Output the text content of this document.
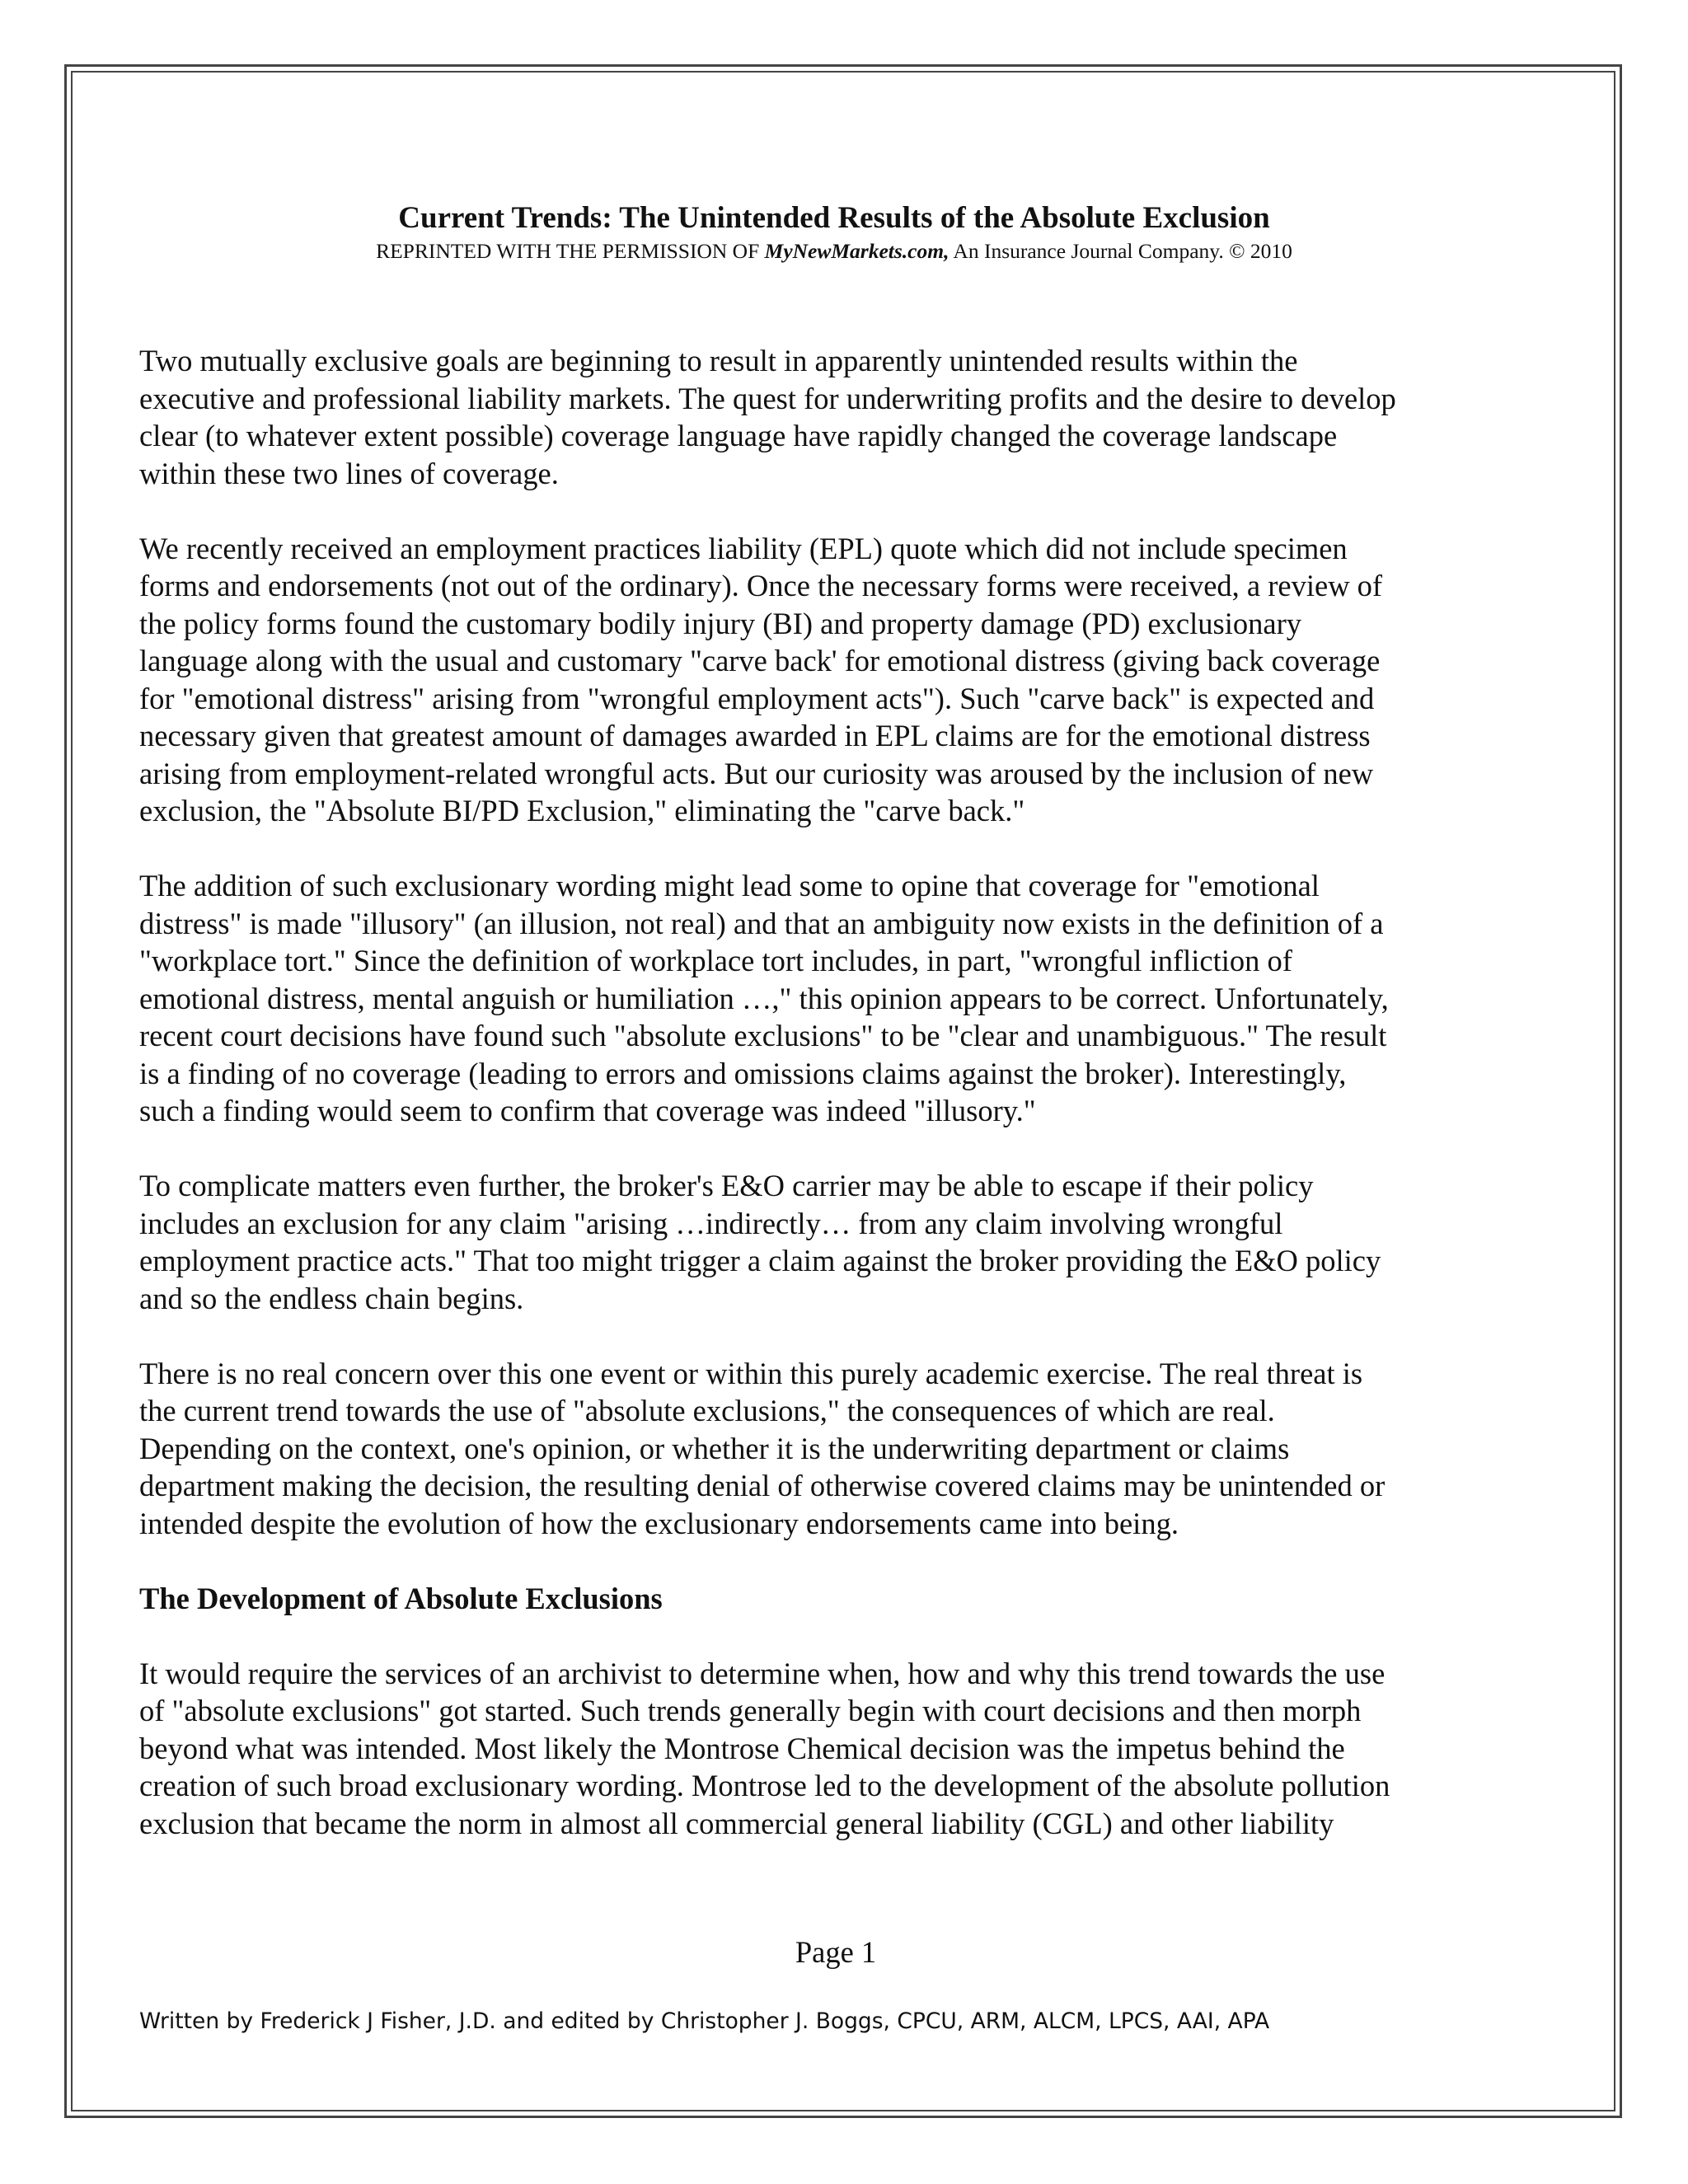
Current Trends: The Unintended Results of the Absolute Exclusion

REPRINTED WITH THE PERMISSION OF MyNewMarkets.com, An Insurance Journal Company. © 2010

Two mutually exclusive goals are beginning to result in apparently unintended results within the
executive and professional liability markets. The quest for underwriting profits and the desire to develop
clear (to whatever extent possible) coverage language have rapidly changed the coverage landscape
within these two lines of coverage.

We recently received an employment practices liability (EPL) quote which did not include specimen
forms and endorsements (not out of the ordinary). Once the necessary forms were received, a review of
the policy forms found the customary bodily injury (BI) and property damage (PD) exclusionary
language along with the usual and customary "carve back' for emotional distress (giving back coverage
for "emotional distress" arising from "wrongful employment acts"). Such "carve back" is expected and
necessary given that greatest amount of damages awarded in EPL claims are for the emotional distress
arising from employment-related wrongful acts. But our curiosity was aroused by the inclusion of new
exclusion, the "Absolute BI/PD Exclusion," eliminating the "carve back."

The addition of such exclusionary wording might lead some to opine that coverage for "emotional
distress" is made "illusory" (an illusion, not real) and that an ambiguity now exists in the definition of a
"workplace tort." Since the definition of workplace tort includes, in part, "wrongful infliction of
emotional distress, mental anguish or humiliation …," this opinion appears to be correct. Unfortunately,
recent court decisions have found such "absolute exclusions" to be "clear and unambiguous." The result
is a finding of no coverage (leading to errors and omissions claims against the broker). Interestingly,
such a finding would seem to confirm that coverage was indeed "illusory."

To complicate matters even further, the broker's E&O carrier may be able to escape if their policy
includes an exclusion for any claim "arising …indirectly… from any claim involving wrongful
employment practice acts." That too might trigger a claim against the broker providing the E&O policy
and so the endless chain begins.

There is no real concern over this one event or within this purely academic exercise. The real threat is
the current trend towards the use of "absolute exclusions," the consequences of which are real.
Depending on the context, one's opinion, or whether it is the underwriting department or claims
department making the decision, the resulting denial of otherwise covered claims may be unintended or
intended despite the evolution of how the exclusionary endorsements came into being.

The Development of Absolute Exclusions

It would require the services of an archivist to determine when, how and why this trend towards the use
of "absolute exclusions" got started. Such trends generally begin with court decisions and then morph
beyond what was intended. Most likely the Montrose Chemical decision was the impetus behind the
creation of such broad exclusionary wording. Montrose led to the development of the absolute pollution
exclusion that became the norm in almost all commercial general liability (CGL) and other liability

Page 1

Written by Frederick J Fisher, J.D. and edited by Christopher J. Boggs, CPCU, ARM, ALCM, LPCS, AAI, APA
